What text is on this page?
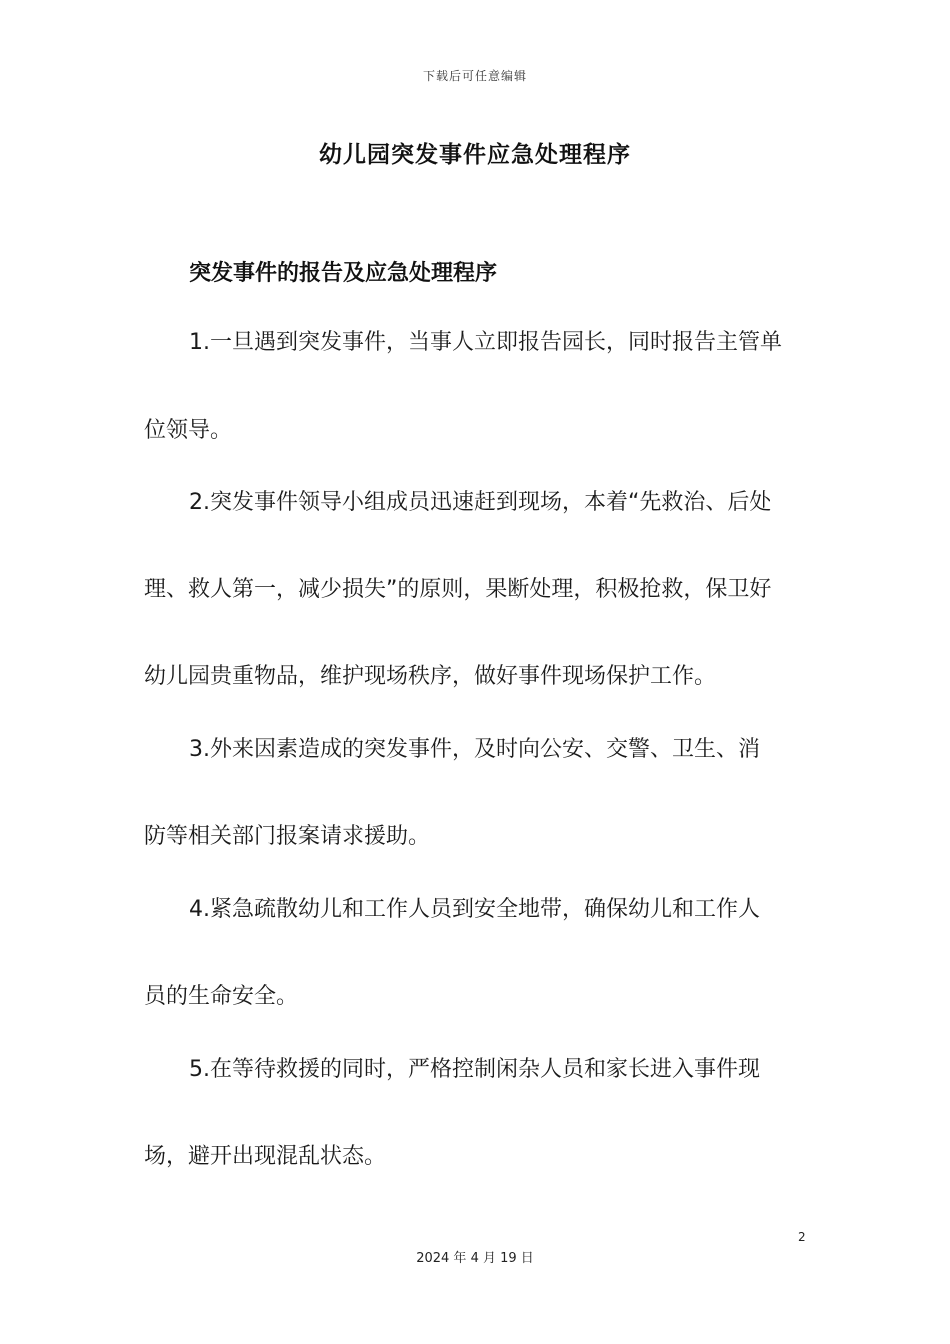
下载后可任意编辑
幼儿园突发事件应急处理程序
突发事件的报告及应急处理程序
1.一旦遇到突发事件，当事人立即报告园长，同时报告主管单
位领导。
2.突发事件领导小组成员迅速赶到现场，本着“先救治、后处
理、救人第一，减少损失”的原则，果断处理，积极抢救，保卫好
幼儿园贵重物品，维护现场秩序，做好事件现场保护工作。
3.外来因素造成的突发事件，及时向公安、交警、卫生、消
防等相关部门报案请求援助。
4.紧急疏散幼儿和工作人员到安全地带，确保幼儿和工作人
员的生命安全。
5.在等待救援的同时，严格控制闲杂人员和家长进入事件现
场，避开出现混乱状态。
2
2024 年 4 月 19 日
